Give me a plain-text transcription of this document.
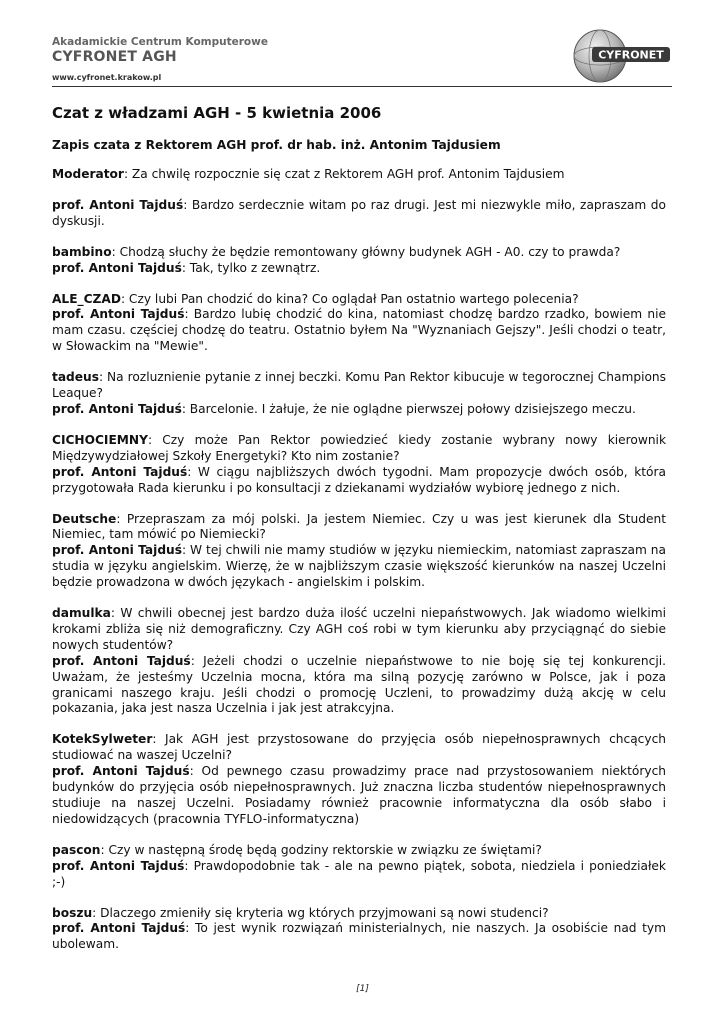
Akadamickie Centrum Komputerowe
CYFRONET AGH
www.cyfronet.krakow.pl
CYFRONET
Czat z władzami AGH - 5 kwietnia 2006
Zapis czata z Rektorem AGH prof. dr hab. inż. Antonim Tajdusiem
Moderator: Za chwilę rozpocznie się czat z Rektorem AGH prof. Antonim Tajdusiem
prof. Antoni Tajduś: Bardzo serdecznie witam po raz drugi. Jest mi niezwykle miło, zapraszam do dyskusji.
bambino: Chodzą słuchy że będzie remontowany główny budynek AGH - A0. czy to prawda?
prof. Antoni Tajduś: Tak, tylko z zewnątrz.
ALE_CZAD: Czy lubi Pan chodzić do kina? Co oglądał Pan ostatnio wartego polecenia?
prof. Antoni Tajduś: Bardzo lubię chodzić do kina, natomiast chodzę bardzo rzadko, bowiem nie mam czasu. częściej chodzę do teatru. Ostatnio byłem Na "Wyznaniach Gejszy". Jeśli chodzi o teatr, w Słowackim na "Mewie".
tadeus: Na rozluznienie pytanie z innej beczki. Komu Pan Rektor kibucuje w tegorocznej Champions Leaque?
prof. Antoni Tajduś: Barcelonie. I żałuje, że nie oglądne pierwszej połowy dzisiejszego meczu.
CICHOCIEMNY: Czy może Pan Rektor powiedzieć kiedy zostanie wybrany nowy kierownik Międzywydziałowej Szkoły Energetyki? Kto nim zostanie?
prof. Antoni Tajduś: W ciągu najbliższych dwóch tygodni. Mam propozycje dwóch osób, która przygotowała Rada kierunku i po konsultacji z dziekanami wydziałów wybiorę jednego z nich.
Deutsche: Przepraszam za mój polski. Ja jestem Niemiec. Czy u was jest kierunek dla Student Niemiec, tam mówić po Niemiecki?
prof. Antoni Tajduś: W tej chwili nie mamy studiów w języku niemieckim, natomiast zapraszam na studia w języku angielskim. Wierzę, że w najbliższym czasie większość kierunków na naszej Uczelni będzie prowadzona w dwóch językach - angielskim i polskim.
damulka: W chwili obecnej jest bardzo duża ilość uczelni niepaństwowych. Jak wiadomo wielkimi krokami zbliża się niż demograficzny. Czy AGH coś robi w tym kierunku aby przyciągnąć do siebie nowych studentów?
prof. Antoni Tajduś: Jeżeli chodzi o uczelnie niepaństwowe to nie boję się tej konkurencji. Uważam, że jesteśmy Uczelnia mocna, która ma silną pozycję zarówno w Polsce, jak i poza granicami naszego kraju. Jeśli chodzi o promocję Uczleni, to prowadzimy dużą akcję w celu pokazania, jaka jest nasza Uczelnia i jak jest atrakcyjna.
KotekSylweter: Jak AGH jest przystosowane do przyjęcia osób niepełnosprawnych chcących studiować na waszej Uczelni?
prof. Antoni Tajduś: Od pewnego czasu prowadzimy prace nad przystosowaniem niektórych budynków do przyjęcia osób niepełnosprawnych. Już znaczna liczba studentów niepełnosprawnych studiuje na naszej Uczelni. Posiadamy również pracownie informatyczna dla osób słabo i niedowidzących (pracownia TYFLO-informatyczna)
pascon: Czy w następną środę będą godziny rektorskie w związku ze świętami?
prof. Antoni Tajduś: Prawdopodobnie tak - ale na pewno piątek, sobota, niedziela i poniedziałek ;-)
boszu: Dlaczego zmieniły się kryteria wg których przyjmowani są nowi studenci?
prof. Antoni Tajduś: To jest wynik rozwiązań ministerialnych, nie naszych. Ja osobiście nad tym ubolewam.
[1]
